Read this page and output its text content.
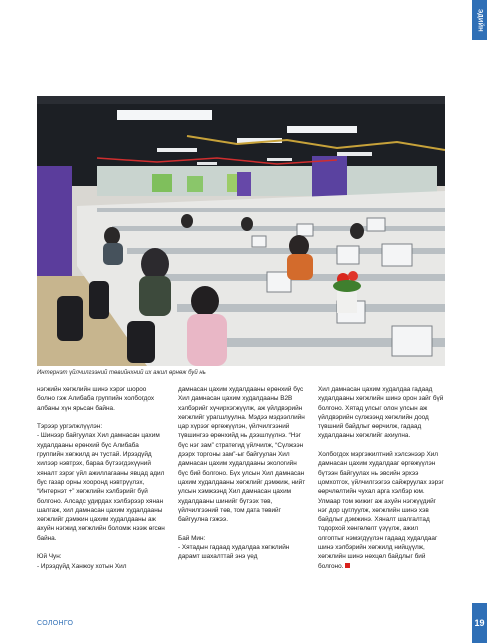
ЭДИЙН
Интернэт үйлчилгээний төвийнхний их ажил өрнөж буй нь

нэгжийн хөгжлийн шинэ хэрэг шороо болно гэж Алибаба группийн холбогдох албаны хүн ярьсан байна.

Тэрээр ургэлжлүүлэн:
- Шинээр байгуулах Хил дамнасан цахим худалдааны ерөнхий бүс Алибаба группийн хөгжилд ач тустай. Ирээдүйд хилээр нэвтрэх, бараа бүтээгдэхүүний хяналт зэрэг үйл ажиллагааны явцад адил бус газар орны хооронд нэвтрүүлэх, “Интернэт +” хөгжлийн хэлбэрийг бүй болгоно. Алсадс удирдах хэлбэрээр хянан шалгаж, хил дамнасан цахим худалдааны хөгжлийг дэмжин цахим худалдааны аж ахуйн нэгжид хөгжлийн боломж нээж өгсөн байна.

Юй Чун:
- Ирээдүйд Ханжоу хотын Хил

дамнасан цахим худалдааны ерөнхий бүс Хил дамнасан цахим худалдааны B2B хэлбэрийг хүчирхэгжүүлж, аж үйлдвэрийн хөгжлийг урагшлуулна. Мэдээ мэдээллийн цар хүрээг өргөжүүлэн, үйлчилгээний түвшингээ өрөнхийд нь дээшлүүлнэ. “Нэг бүс нэг зам” стратегид үйлчилж, “Сүлжээн дээрх торгоны зам”-ыг байгуулан Хил дамнасан цахим худалдааны экологийн бүс бий болгоно. Бүх улсын Хил дамнасан цахим худалдааны хөгжлийг дэмжиж, нийт улсын хэмжээнд Хил дамнасан цахим худалдааны шинийг бүтээх төв, үйлчилгээний төв, том дата төвийг байгуулна гэжээ.

Бай Мин:
- Хятадын гадаад худалдаа хөгжлийн дарамт шахалттай энэ үед

Хил дамнасан цахим худалдаа гадаад худалдааны хөгжлийн шинэ орон зайг бүй болгоно. Хятад улсыг олон улсын аж үйлдвэрийн сүлжээнд хөгжлийн доод түвшний байдлыг өөрчилж, гадаад худалдааны хөгжлийг ахиулна.

Холбогдох мэргэжилтний хэлсэнээр Хил дамнасан цахим худалдааг өргөжүүлэн бүтээн байгуулах нь эвсийн эрхээ цомхотгох, үйлчилгээгээ сайжруулах зэрэг өөрчлөлтийн чухал арга хэлбэр юм. Улмаар том жижиг аж ахуйн нэгжүүдийг нэг дор цуглуулж, хөгжлийн шинэ хэв байдлыг дэмжинэ. Хяналт шалгалтад тодорхой хөнгөлөлт үзүүлж, ажил олгоптыг нэмэгдүүлэн гадаад худалдааг шинэ хэлбэрийн хөгжилд нийцүүлж, хөгжлийн шинэ нөхцөл байдлыг бий болгоно.

СОЛОНГО	19
